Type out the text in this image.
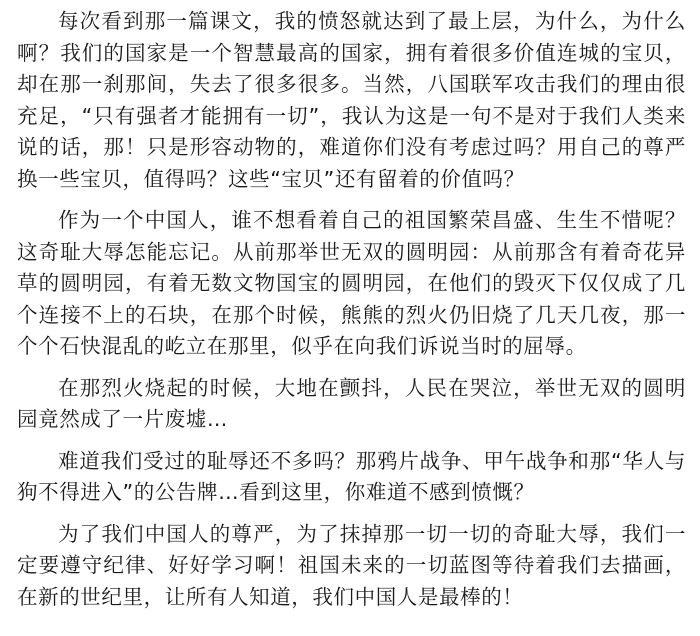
每次看到那一篇课文，我的愤怒就达到了最上层，为什么，为什么啊？我们的国家是一个智慧最高的国家，拥有着很多价值连城的宝贝，却在那一刹那间，失去了很多很多。当然，八国联军攻击我们的理由很充足，“只有强者才能拥有一切”，我认为这是一句不是对于我们人类来说的话，那！只是形容动物的，难道你们没有考虑过吗？用自己的尊严换一些宝贝，值得吗？这些“宝贝”还有留着的价值吗？

作为一个中国人，谁不想看着自己的祖国繁荣昌盛、生生不惜呢？这奇耻大辱怎能忘记。从前那举世无双的圆明园：从前那含有着奇花异草的圆明园，有着无数文物国宝的圆明园，在他们的毁灭下仅仅成了几个连接不上的石块，在那个时候，熊熊的烈火仍旧烧了几天几夜，那一个个石快混乱的屹立在那里，似乎在向我们诉说当时的屈辱。

在那烈火烧起的时候，大地在颤抖，人民在哭泣，举世无双的圆明园竟然成了一片废墟…

难道我们受过的耻辱还不多吗？那鸦片战争、甲午战争和那“华人与狗不得进入”的公告牌…看到这里，你难道不感到愤慨？

为了我们中国人的尊严，为了抹掉那一切一切的奇耻大辱，我们一定要遵守纪律、好好学习啊！祖国未来的一切蓝图等待着我们去描画，在新的世纪里，让所有人知道，我们中国人是最棒的！
